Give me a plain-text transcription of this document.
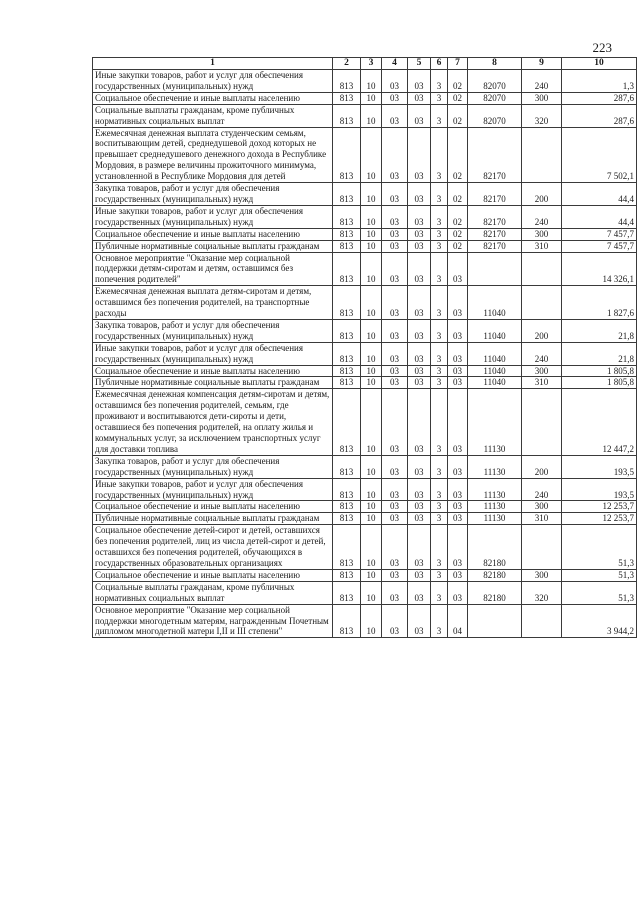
223
1	2	3	4	5	6	7	8	9	10
Иные закупки товаров, работ и услуг для обеспечения государственных (муниципальных) нужд	813	10	03	03	3	02	82070	240	1,3
Социальное обеспечение и иные выплаты населению	813	10	03	03	3	02	82070	300	287,6
Социальные выплаты гражданам, кроме публичных нормативных социальных выплат	813	10	03	03	3	02	82070	320	287,6
Ежемесячная денежная выплата студенческим семьям, воспитывающим детей, среднедушевой доход которых не превышает среднедушевого денежного дохода в Республике Мордовия, в размере величины прожиточного минимума, установленной в Республике Мордовия для детей	813	10	03	03	3	02	82170		7 502,1
Закупка товаров, работ и услуг для обеспечения государственных (муниципальных) нужд	813	10	03	03	3	02	82170	200	44,4
Иные закупки товаров, работ и услуг для обеспечения государственных (муниципальных) нужд	813	10	03	03	3	02	82170	240	44,4
Социальное обеспечение и иные выплаты населению	813	10	03	03	3	02	82170	300	7 457,7
Публичные нормативные социальные выплаты гражданам	813	10	03	03	3	02	82170	310	7 457,7
Основное мероприятие "Оказание мер социальной поддержки детям-сиротам и детям, оставшимся без попечения родителей"	813	10	03	03	3	03			14 326,1
Ежемесячная денежная выплата детям-сиротам и детям, оставшимся без попечения родителей, на транспортные расходы	813	10	03	03	3	03	11040		1 827,6
Закупка товаров, работ и услуг для обеспечения государственных (муниципальных) нужд	813	10	03	03	3	03	11040	200	21,8
Иные закупки товаров, работ и услуг для обеспечения государственных (муниципальных) нужд	813	10	03	03	3	03	11040	240	21,8
Социальное обеспечение и иные выплаты населению	813	10	03	03	3	03	11040	300	1 805,8
Публичные нормативные социальные выплаты гражданам	813	10	03	03	3	03	11040	310	1 805,8
Ежемесячная денежная компенсация детям-сиротам и детям, оставшимся без попечения родителей, семьям, где проживают и воспитываются дети-сироты и дети, оставшиеся без попечения родителей, на оплату жилья и коммунальных услуг, за исключением транспортных услуг для доставки топлива	813	10	03	03	3	03	11130		12 447,2
Закупка товаров, работ и услуг для обеспечения государственных (муниципальных) нужд	813	10	03	03	3	03	11130	200	193,5
Иные закупки товаров, работ и услуг для обеспечения государственных (муниципальных) нужд	813	10	03	03	3	03	11130	240	193,5
Социальное обеспечение и иные выплаты населению	813	10	03	03	3	03	11130	300	12 253,7
Публичные нормативные социальные выплаты гражданам	813	10	03	03	3	03	11130	310	12 253,7
Социальное обеспечение детей-сирот и детей, оставшихся без попечения родителей, лиц из числа детей-сирот и детей, оставшихся без попечения родителей, обучающихся в государственных образовательных организациях	813	10	03	03	3	03	82180		51,3
Социальное обеспечение и иные выплаты населению	813	10	03	03	3	03	82180	300	51,3
Социальные выплаты гражданам, кроме публичных нормативных социальных выплат	813	10	03	03	3	03	82180	320	51,3
Основное мероприятие "Оказание мер социальной поддержки многодетным матерям, награжденным Почетным дипломом многодетной матери I,II и III степени"	813	10	03	03	3	04			3 944,2
